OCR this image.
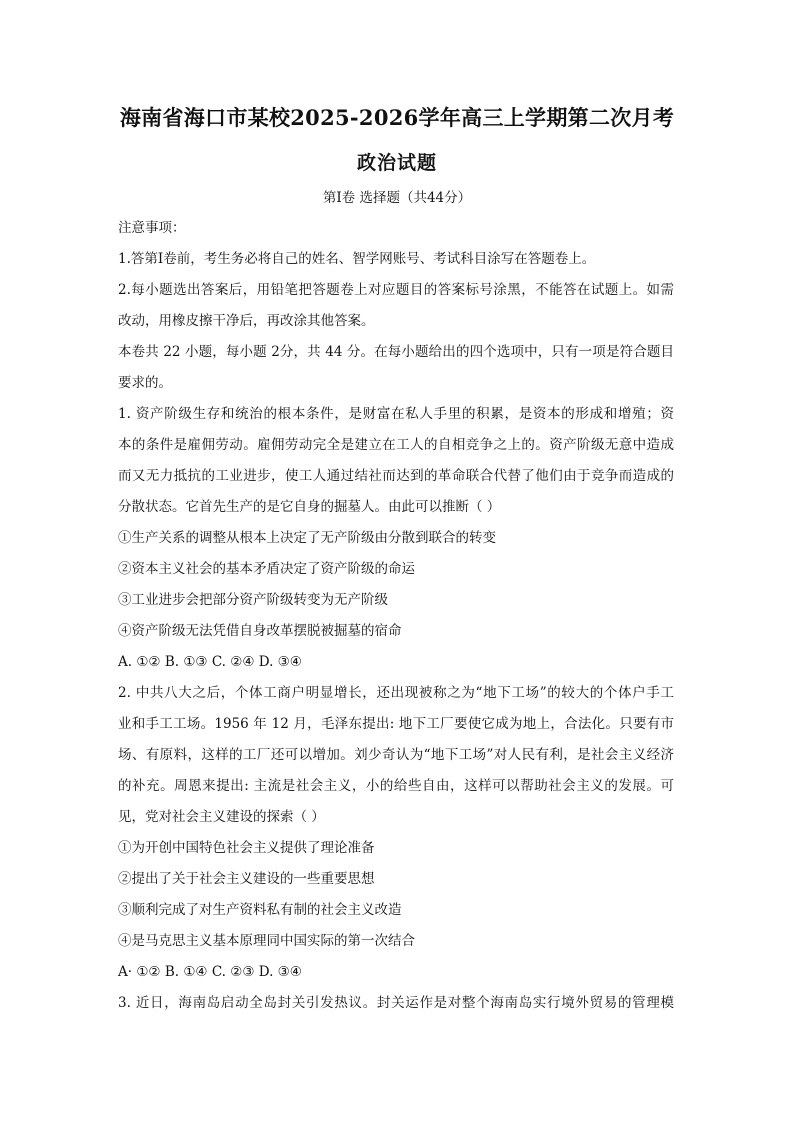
海南省海口市某校2025-2026学年高三上学期第二次月考
政治试题
第Ⅰ卷 选择题（共44分）
注意事项：
1.答第Ⅰ卷前，考生务必将自己的姓名、智学网账号、考试科目涂写在答题卷上。
2.每小题选出答案后，用铅笔把答题卷上对应题目的答案标号涂黑，不能答在试题上。如需
改动，用橡皮擦干净后，再改涂其他答案。
本卷共 22 小题，每小题 2分，共 44 分。在每小题给出的四个选项中，只有一项是符合题目
要求的。
1. 资产阶级生存和统治的根本条件，是财富在私人手里的积累，是资本的形成和增殖；资
本的条件是雇佣劳动。雇佣劳动完全是建立在工人的自相竞争之上的。资产阶级无意中造成
而又无力抵抗的工业进步，使工人通过结社而达到的革命联合代替了他们由于竞争而造成的
分散状态。它首先生产的是它自身的掘墓人。由此可以推断（ ）
①生产关系的调整从根本上决定了无产阶级由分散到联合的转变
②资本主义社会的基本矛盾决定了资产阶级的命运
③工业进步会把部分资产阶级转变为无产阶级
④资产阶级无法凭借自身改革摆脱被掘墓的宿命
A. ①② B. ①③ C. ②④ D. ③④
2. 中共八大之后，个体工商户明显增长，还出现被称之为“地下工场”的较大的个体户手工
业和手工工场。1956 年 12 月，毛泽东提出: 地下工厂要使它成为地上，合法化。只要有市
场、有原料，这样的工厂还可以增加。刘少奇认为“地下工场”对人民有利，是社会主义经济
的补充。周恩来提出: 主流是社会主义，小的给些自由，这样可以帮助社会主义的发展。可
见，党对社会主义建设的探索（ ）
①为开创中国特色社会主义提供了理论准备
②提出了关于社会主义建设的一些重要思想
③顺利完成了对生产资料私有制的社会主义改造
④是马克思主义基本原理同中国实际的第一次结合
A· ①② B. ①④ C. ②③ D. ③④
3. 近日，海南岛启动全岛封关引发热议。封关运作是对整个海南岛实行境外贸易的管理模
